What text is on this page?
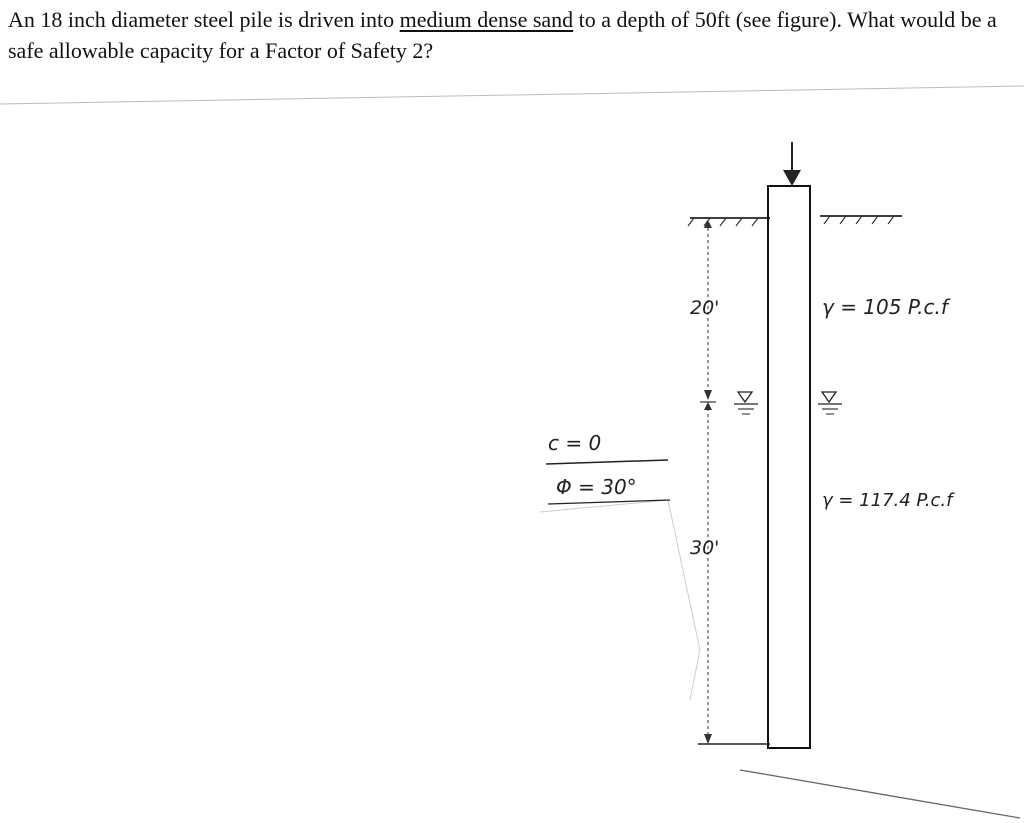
An 18 inch diameter steel pile is driven into medium dense sand to a depth of 50ft (see figure). What would be a safe allowable capacity for a Factor of Safety 2?

20'
30'
c = 0
Φ = 30°
γ = 105 P.c.f
γ = 117.4 P.c.f
